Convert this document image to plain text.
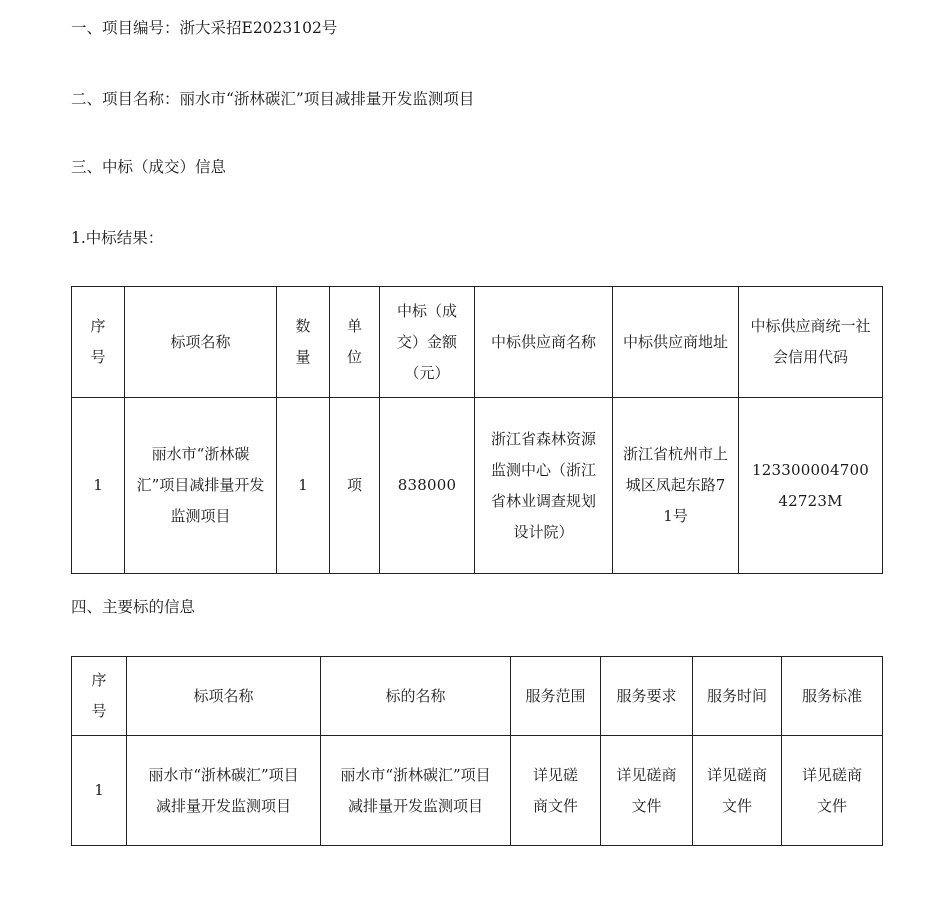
一、项目编号：浙大采招E2023102号

二、项目名称：丽水市“浙林碳汇”项目减排量开发监测项目

三、中标（成交）信息

1.中标结果：

序号	标项名称	数量	单位	中标（成交）金额（元）	中标供应商名称	中标供应商地址	中标供应商统一社会信用代码
1	丽水市“浙林碳汇”项目减排量开发监测项目	1	项	838000	浙江省森林资源监测中心（浙江省林业调查规划设计院）	浙江省杭州市上城区凤起东路71号	12330000470042723M

四、主要标的信息

序号	标项名称	标的名称	服务范围	服务要求	服务时间	服务标准
1	丽水市“浙林碳汇”项目减排量开发监测项目	丽水市“浙林碳汇”项目减排量开发监测项目	详见磋商文件	详见磋商文件	详见磋商文件	详见磋商文件
